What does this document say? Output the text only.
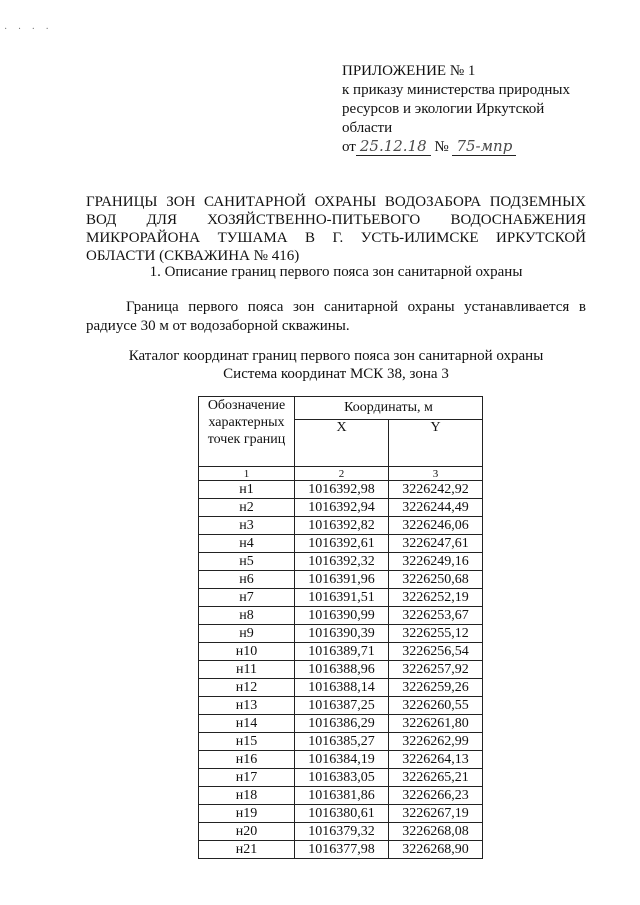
· · · ·
ПРИЛОЖЕНИЕ № 1
к приказу министерства природных
ресурсов и экологии Иркутской
области
от 25.12.18 № 75-мпр
ГРАНИЦЫ ЗОН САНИТАРНОЙ ОХРАНЫ ВОДОЗАБОРА ПОДЗЕМНЫХ ВОД ДЛЯ ХОЗЯЙСТВЕННО-ПИТЬЕВОГО ВОДОСНАБЖЕНИЯ МИКРОРАЙОНА ТУШАМА В Г. УСТЬ-ИЛИМСКЕ ИРКУТСКОЙ ОБЛАСТИ (СКВАЖИНА № 416)
1. Описание границ первого пояса зон санитарной охраны
Граница первого пояса зон санитарной охраны устанавливается в радиусе 30 м от водозаборной скважины.
Каталог координат границ первого пояса зон санитарной охраны
Система координат МСК 38, зона 3
Обозначение характерных точек границ	Координаты, м	
	X	Y
1	2	3
н1	1016392,98	3226242,92
н2	1016392,94	3226244,49
н3	1016392,82	3226246,06
н4	1016392,61	3226247,61
н5	1016392,32	3226249,16
н6	1016391,96	3226250,68
н7	1016391,51	3226252,19
н8	1016390,99	3226253,67
н9	1016390,39	3226255,12
н10	1016389,71	3226256,54
н11	1016388,96	3226257,92
н12	1016388,14	3226259,26
н13	1016387,25	3226260,55
н14	1016386,29	3226261,80
н15	1016385,27	3226262,99
н16	1016384,19	3226264,13
н17	1016383,05	3226265,21
н18	1016381,86	3226266,23
н19	1016380,61	3226267,19
н20	1016379,32	3226268,08
н21	1016377,98	3226268,90
